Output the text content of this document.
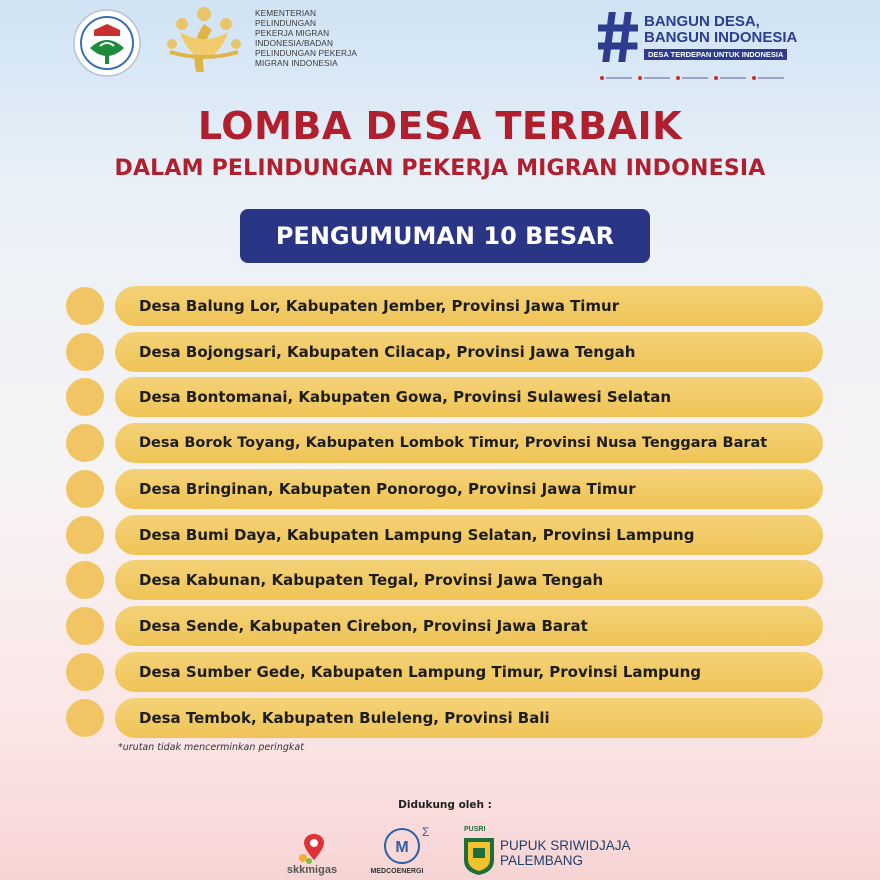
KEMENTERIAN
PELINDUNGAN
PEKERJA MIGRAN
INDONESIA/BADAN
PELINDUNGAN PEKERJA
MIGRAN INDONESIA
BANGUN DESA,
BANGUN INDONESIA
DESA TERDEPAN UNTUK INDONESIA
LOMBA DESA TERBAIK
DALAM PELINDUNGAN PEKERJA MIGRAN INDONESIA
PENGUMUMAN 10 BESAR
Desa Balung Lor, Kabupaten Jember, Provinsi Jawa Timur
Desa Bojongsari, Kabupaten Cilacap, Provinsi Jawa Tengah
Desa Bontomanai, Kabupaten Gowa, Provinsi Sulawesi Selatan
Desa Borok Toyang, Kabupaten Lombok Timur, Provinsi Nusa Tenggara Barat
Desa Bringinan, Kabupaten Ponorogo, Provinsi Jawa Timur
Desa Bumi Daya, Kabupaten Lampung Selatan, Provinsi Lampung
Desa Kabunan, Kabupaten Tegal, Provinsi Jawa Tengah
Desa Sende, Kabupaten Cirebon, Provinsi Jawa Barat
Desa Sumber Gede, Kabupaten Lampung Timur, Provinsi Lampung
Desa Tembok, Kabupaten Buleleng, Provinsi Bali
*urutan tidak mencerminkan peringkat
Didukung oleh :
skkmigas
M
Σ
MEDCOENERGI
PUSRI
PUPUK SRIWIDJAJA
PALEMBANG
